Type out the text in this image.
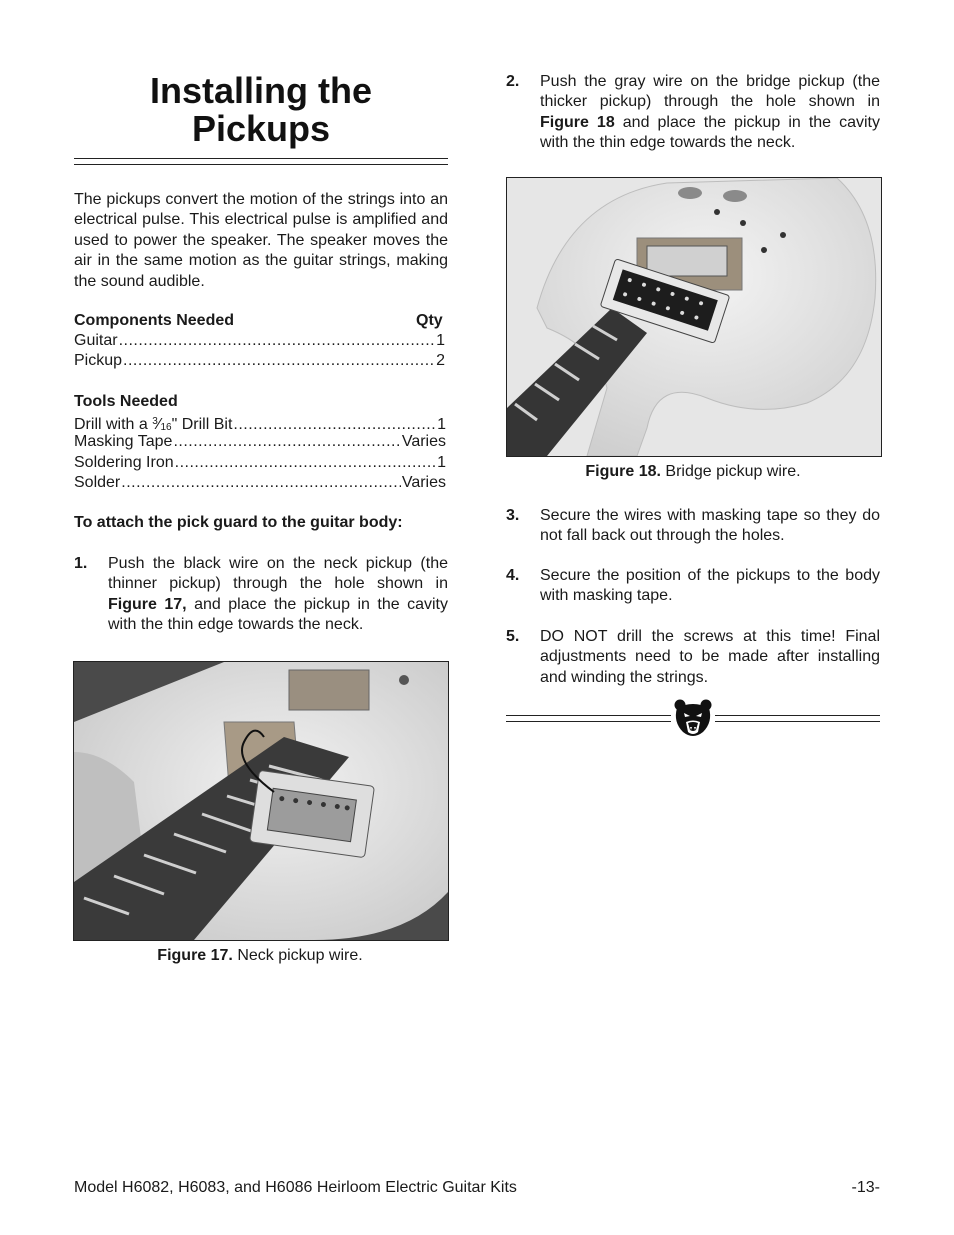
Installing the
Pickups
The pickups convert the motion of the strings into an electrical pulse. This electrical pulse is amplified and used to power the speaker. The speaker moves the air in the same motion as the guitar strings, making the sound audible.
Components Needed	Qty
Guitar .....	1
Pickup .....	2
Tools Needed
Drill with a $^3$⁄16" Drill Bit .....	1
Masking Tape .....	Varies
Soldering Iron .....	1
Solder .....	Varies
To attach the pick guard to the guitar body:
1. Push the black wire on the neck pickup (the thinner pickup) through the hole shown in Figure 17, and place the pickup in the cavity with the thin edge towards the neck.
Figure 17. Neck pickup wire.
2. Push the gray wire on the bridge pickup (the thicker pickup) through the hole shown in Figure 18 and place the pickup in the cavity with the thin edge towards the neck.
Figure 18. Bridge pickup wire.
3. Secure the wires with masking tape so they do not fall back out through the holes.
4. Secure the position of the pickups to the body with masking tape.
5. DO NOT drill the screws at this time! Final adjustments need to be made after installing and winding the strings.
Model H6082, H6083, and H6086 Heirloom Electric Guitar Kits	-13-
